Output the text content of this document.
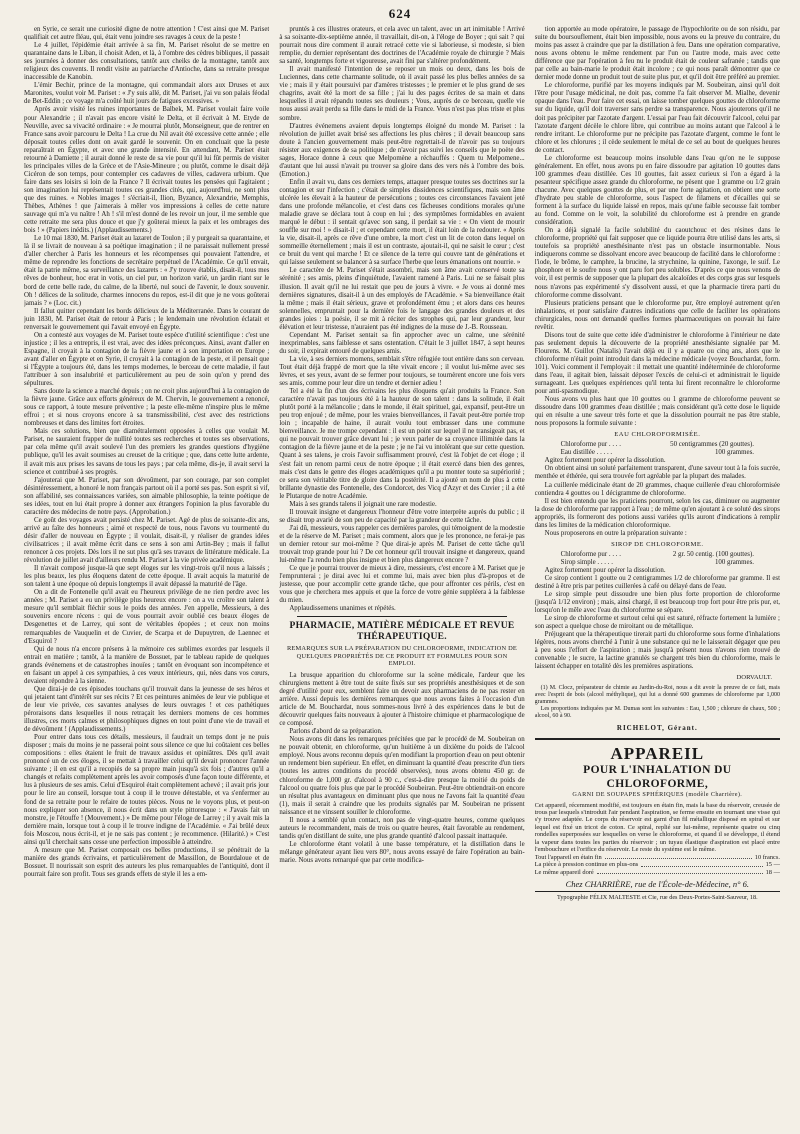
624

en Syrie, ce serait une curiosité digne de notre attention ! C'est ainsi que M. Pariset qualifiait cet autre fléau, qui, était venu joindre ses ravages à ceux de la peste !

Le 4 juillet, l'épidémie était arrivée à sa fin, M. Pariset résolut de se mettre en quarantaine dans le Liban, il choisit Aden, et là, à l'ombre des cèdres bibliques, il passait ses journées à donner des consultations, tantôt aux cheiks de la montagne, tantôt aux religieux des couvents. Il rendit visite au patriarche d'Antioche, dans sa retraite presque inaccessible de Kanobin.

L'émir Bechir, prince de la montagne, qui commandait alors aux Druses et aux Maronites, voulut voir M. Pariset : « J'y suis allé, dit M. Pariset, j'ai vu son palais féodal de Bet-Eddin ; ce voyage m'a coûté huit jours de fatigues excessives. »

Après avoir visité les ruines importantes de Balbek, M. Pariset voulait faire voile pour Alexandrie ; il n'avait pas encore visité le Delta, et il écrivait à M. Etyde de Neuville, avec sa vivacité ordinaire : « Je mourrai plutôt, Monseigneur, que de rentrer en France sans avoir parcouru le Delta ! La crue du Nil avait été excessive cette année ; elle déposait toutes celles dont on avait gardé le souvenir. On en concluait que la peste reparaîtrait en Égypte, et avec une grande intensité. En attendant, M. Pariset était retourné à Damiette ; il aurait donné le reste de sa vie pour qu'il lui fût permis de visiter les principales villes de la Grèce et de l'Asie-Mineure ; ou plutôt, comme le disait déjà Cicéron de son temps, pour contempler ces cadavres de villes, cadavera urbium. Que faire dans ses loisirs si loin de la France ? Il écrivait toutes les pensées qui l'agitaient ; son imagination lui représentait toutes ces grandes cités, qui, aujourd'hui, ne sont plus que des ruines. « Nobles images ! s'écriait-il, Ilion, Byzance, Alexandrie, Memphis, Thèbes, Athènes ! que j'aimerais à mêler vos impressions à celles de cette nature sauvage qui m'a vu naître ! Ah ! s'il m'est donné de les revoir un jour, il me semble que cette retraite me sera plus douce et que j'y goûterai mieux la paix et les ombrages des bois ! » (Papiers inédits.) (Applaudissements.)

Le 10 mai 1830, M. Pariset était au lazaret de Toulon ; il y purgeait sa quarantaine, et là il se livrait de nouveau à sa poétique imagination ; il ne paraissait nullement pressé d'aller chercher à Paris les honneurs et les récompenses qui pouvaient l'attendre, et même de reprendre les fonctions de secrétaire perpétuel de l'Académie. Ce qu'il envait, était la patrie même, sa surveillance des lazarets : « J'y trouve établis, disait-il, tous mes rêves de bonheur, hoc erat in votis, un ciel pur, un horizon varié, un jardin riant sur le bord de cette belle rade, du calme, de la liberté, nul souci de l'avenir, le doux souvenir. Oh ! délices de la solitude, charmes innocens du repos, est-il dit que je ne vous goûterai jamais ? » (Loc. cit.)

Il fallut quitter cependant les bords délicieux de la Méditerranée. Dans le courant de juin 1830, M. Pariset était de retour à Paris ; le lendemain une révolution éclatait et renversait le gouvernement qui l'avait envoyé en Égypte.

On a contesté aux voyages de M. Pariset toute espèce d'utilité scientifique : c'est une injustice ; il les a entrepris, il est vrai, avec des idées préconçues. Ainsi, avant d'aller en Espagne, il croyait à la contagion de la fièvre jaune et à son importation en Europe ; avant d'aller en Égypte et en Syrie, il croyait à la contagion de la peste, et il pensait que si l'Égypte a toujours été, dans les temps modernes, le berceau de cette maladie, il faut l'attribuer à son insalubrité et particulièrement au peu de soin qu'on y prend des sépultures.

Sans doute la science a marché depuis ; on ne croit plus aujourd'hui à la contagion de la fièvre jaune. Grâce aux efforts généreux de M. Chervin, le gouvernement a renoncé, sous ce rapport, à toute mesure préventive ; la peste elle-même n'inspire plus le même effroi ; et si nous croyons encore à sa transmissibilité, c'est avec des restrictions nombreuses et dans des limites fort étroites.

Mais ces solutions, bien que diamétralement opposées à celles que voulait M. Pariset, ne sauraient frapper de nullité toutes ses recherches et toutes ses observations, par cela même qu'il avait soulevé l'un des premiers les grandes questions d'hygiène publique, qu'il les avait soumises au creuset de la critique ; que, dans cette lutte ardente, il avait mis aux prises les savans de tous les pays ; par cela même, dis-je, il avait servi la science et contribué à ses progrès.

J'ajouterai que M. Pariset, par son dévoûment, par son courage, par son complet désintéressement, a honoré le nom français partout où il a porté ses pas. Son esprit si vif, son affabilité, ses connaissances variées, son aimable philosophie, la teinte poétique de ses idées, tout en lui était propre à donner aux étrangers l'opinion la plus favorable du caractère des médecins de notre pays. (Approbation.)

Ce goût des voyages avait persisté chez M. Pariset. Agé de plus de soixante-dix ans, arrivé au faîte des honneurs ; aimé et respecté de tous, nous l'avons vu tourmenté du désir d'aller de nouveau en Égypte ; il voulait, disait-il, y réaliser de grandes idées civilisatrices ; il avait même écrit dans ce sens à son ami Artin-Bey ; mais il fallut renoncer à ces projets. Dès lors il ne sut plus qu'à ses travaux de littérature médicale. La révolution de juillet avait d'ailleurs rendu M. Pariset à la vie privée académique.

Il n'avait composé jusque-là que sept éloges sur les vingt-trois qu'il nous a laissés ; les plus beaux, les plus éloquens datent de cette époque. Il avait acquis la maturité de son talent à une époque où depuis longtemps il avait dépassé la maturité de l'âge.

On a dit de Fontenelle qu'il avait eu l'heureux privilège de ne rien perdre avec les années ; M. Pariset a eu un privilège plus heureux encore : on a vu croître son talent à mesure qu'il semblait fléchir sous le poids des années. J'en appelle, Messieurs, à des souvenirs encore récens : qui de vous pourrait avoir oublié ces beaux éloges de Desgenettes et de Larrey, qui sont de véritables épopées ; et ceux non moins remarquables de Vauquelin et de Cuvier, de Scarpa et de Dupuytren, de Laennec et d'Esquirol ?

Qui de nous n'a encore présens à la mémoire ces sublimes exordes par lesquels il entrait en matière ; tantôt, à la manière de Bossuet, par le tableau rapide de quelques grands événemens et de catastrophes inouïes ; tantôt en évoquant son incompétence et en faisant un appel à ces sympathies, à ces vœux intérieurs, qui, nées dans vos cœurs, devaient répondre à la sienne.

Que dirai-je de ces épisodes touchans qu'il trouvait dans la jeunesse de ses héros et qui jetaient tant d'intérêt sur ses récits ? Et ces peintures animées de leur vie publique et de leur vie privée, ces savantes analyses de leurs ouvrages ! et ces pathétiques péroraisons dans lesquelles il nous retraçait les derniers momens de ces hommes illustres, ces morts calmes et philosophiques dignes en tout point d'une vie de travail et de dévoûment ! (Applaudissements.)

Pour entrer dans tous ces détails, messieurs, il faudrait un temps dont je ne puis disposer ; mais du moins je ne passerai point sous silence ce que lui coûtaient ces belles compositions : elles étaient le fruit de travaux assidus et opiniâtres. Dès qu'il avait prononcé un de ces éloges, il se mettait à travailler celui qu'il devait prononcer l'année suivante ; il en est qu'il a recopiés de sa propre main jusqu'à six fois ; d'autres qu'il a changés et refaits complètement après les avoir composés d'une façon toute différente, et lus à plusieurs de ses amis. Celui d'Esquirol était complètement achevé ; il avait pris jour pour le lire au conseil, lorsque tout à coup il le trouve détestable, et va s'enfermer au fond de sa retraite pour le refaire de toutes pièces. Nous ne le voyons plus, et peut-on nous expliquer son absence, il nous écrit dans un style pittoresque : « J'avais fait un monstre, je l'étouffe ! (Mouvement.) » De même pour l'éloge de Larrey ; il y avait mis la dernière main, lorsque tout à coup il le trouve indigne de l'Académie. « J'ai brûlé deux fois Moscou, nous écrit-il, et je ne sais pas content ; je recommence. (Hilarité.) » C'est ainsi qu'il cherchait sans cesse une perfection impossible à atteindre.

A mesure que M. Pariset composait ces belles productions, il se pénétrait de la manière des grands écrivains, et particulièrement de Massillon, de Bourdaloue et de Bossuet. Il nourissait son esprit des auteurs les plus remarquables de l'antiquité, dont il pourrait faire son profit. Tous ses grands effets de style il les a em-

pruntés à ces illustres orateurs, et cela avec un talent, avec un art inimitable ! Arrivé à sa soixante-dix-septième année, il travaillait, dit-on, à l'éloge de Boyer ; qui sait ? qui pourrait nous dire comment il aurait retracé cette vie si laborieuse, si modeste, si bien remplie, du dernier représentant des doctrines de l'Académie royale de chirurgie ? Mais sa santé, longtemps forte et vigoureuse, avait fini par s'altérer profondément.

Il avait manifesté l'intention de se reposer un mois ou deux, dans les bois de Luciennes, dans cette charmante solitude, où il avait passé les plus belles années de sa vie ; mais il y était poursuivi par d'amères tristesses ; le premier et le plus grand de ses chagrins, avait été la mort de sa fille ; j'ai lu des pages écrites de sa main et dans lesquelles il avait répandu toutes ses douleurs ; Vous, auprès de ce berceau, quelle vie nous aussi avait perdu sa fille dans le midi de la France. Vous n'est pas plus triste et plus sombre.

D'autres événemens avaient depuis longtemps éloigné du monde M. Pariset : la révolution de juillet avait brisé ses affections les plus chères ; il devait beaucoup sans doute à l'ancien gouvernement mais peut-être regrettait-il de n'avoir pas su toujours résister aux exigences de sa politique ; de n'avoir pas suivi les conseils que le poète des sages, Horace donne à ceux que Melpomène a réchauffés : Quem tu Melpomene... d'autant que lui aussi n'avait pu trouver sa gloire dans des vers nés à l'ombre des bois. (Emotion.)

Enfin il avait vu, dans ces derniers temps, attaquer presque toutes ses doctrines sur la contagion et sur l'infection ; c'était de simples dissidences scientifiques, mais son âme ulcérée les élevait à la hauteur de persécutions ; toutes ces circonstances l'avaient jeté dans une profonde mélancolie, et c'est dans ces fâcheuses conditions morales qu'une maladie grave se déclara tout à coup en lui ; des symptômes formidables en avaient marqué le début : il sentait qu'avec son sang, il perdait sa vie : « On vient de mourir souffle sur moi ! » disait-il ; et cependant cette mort, il était loin de la redouter. « Après la vie, disait-il, après ce rêve d'une ombre, la mort c'est un lit de coton dans lequel on sommeille éternellement ; mais il est un contraste, ajoutait-il, qui ne saisit le cœur ; c'est ce bruit du vent qui marche ! Et ce silence de la terre qui couvre tant de générations et qui laisse seulement se balancer à sa surface l'herbe que leurs émanations ont nourrie. »

Le caractère de M. Pariset s'était assombri, mais son âme avait conservé toute sa sérénité ; ses amis, pleins d'inquiétude, l'avaient ramené à Paris. Lui ne se faisait plus illusion. Il avait qu'il ne lui restait que peu de jours à vivre. « Je vous ai donné mes dernières signatures, disait-il à un des employés de l'Académie. » Sa bienveillance était la même ; mais il était sérieux, grave et profondément ému ; et alors dans ces heures solennelles, empruntait pour la dernière fois le langage des grandes douleurs et des grandes joies : la poésie, il se mit à réciter des strophes qui, par leur grandeur, leur élévation et leur tristesse, n'auraient pas été indignes de la muse de J.-B. Rousseau.

Cependant M. Pariset sentait sa fin approcher avec un calme, une sérénité inexprimables, sans faiblesse et sans ostentation. C'était le 3 juillet 1847, à sept heures du soir, il expirait entouré de quelques amis.

La vie, à ses derniers momens, semblait s'être réfugiée tout entière dans son cerveau. Tout était déjà frappé de mort que la tête vivait encore ; il voulut lui-même avec ses lèvres, et ses yeux, avant de se fermer pour toujours, se tournèrent encore une fois vers ses amis, comme pour leur dire un tendre et dernier adieu !

Tel a été la fin d'un des écrivains les plus éloquens qu'ait produits la France. Son caractère n'avait pas toujours été à la hauteur de son talent : dans la solitude, il était plutôt porté à la mélancolie ; dans le monde, il était spirituel, gai, expansif, peut-être un peu trop enjoué ; de même, pour les vraies bienveillances, il l'avait peut-être portée trop loin ; incapable de haine, il aurait voulu tout embrasser dans une commune bienveillance. Je me trompe cependant : il est un point sur lequel il ne transigeait pas, et qui ne pouvait trouver grâce devant lui ; je veux parler de sa croyance illimitée dans la contagion de la fièvre jaune et de la peste ; je ne l'ai vu intolérant que sur cette question. Quant à ses talens, je crois l'avoir suffisamment prouvé, c'est là l'objet de cet éloge ; il s'est fait un renom parmi ceux de notre époque ; il était exercé dans bien des genres, mais c'est dans le genre des éloges académiques qu'il a pu monter toute sa supériorité ; ce sera son véritable titre de gloire dans la postérité. Il a ajouté un nom de plus à cette brillante dynastie des Fontenelle, des Condorcet, des Vicq d'Azyr et des Cuvier ; il a été le Plutarque de notre Académie.

Mais à ses grands talens il joignait une rare modestie.

Il trouvait insigne et dangereux l'honneur d'être votre interprète auprès du public ; il se disait trop avarié de son peu de capacité par la grandeur de cette tâche.

J'ai dû, messieurs, vous rappeler ces dernières paroles, qui témoignent de la modestie et de la réserve de M. Pariset ; mais comment, alors que je les prononce, ne ferai-je pas un dernier retour sur moi-même ? Que dirai-je après M. Pariset de cette tâche qu'il trouvait trop grande pour lui ? De cet honneur qu'il trouvait insigne et dangereux, quand lui-même l'a rendu bien plus insigne et bien plus dangereux encore ?

Ce que je pourrai trouver de mieux à dire, messieurs, c'est encore à M. Pariset que je l'emprunterai ; je dirai avec lui et comme lui, mais avec bien plus d'à-propos et de justesse, que pour accomplir cette grande tâche, que pour affronter ces périls, c'est en vous que je cherchera mes appuis et que la force de votre génie suppléera à la faiblesse du mien.

Applaudissemens unanimes et répétés.

PHARMACIE, MATIÈRE MÉDICALE ET REVUE THÉRAPEUTIQUE.
REMARQUES SUR LA PRÉPARATION DU CHLOROFORME, INDICATION DE QUELQUES PROPRIÉTÉS DE CE PRODUIT ET FORMULES POUR SON EMPLOI.

La brusque apparition du chloroforme sur la scène médicale, l'ardeur que les chirurgiens mettent à être tout de suite fixés sur ses propriétés anesthésiques et de son degré d'utilité pour eux, semblent faire un devoir aux pharmaciens de ne pas rester en arrière. Aussi depuis les dernières remarques que nous avons faites à l'occasion d'un article de M. Bouchardat, nous sommes-nous livré à des expériences dans le but de découvrir quelques faits nouveaux à ajouter à l'histoire chimique et pharmacologique de ce composé.

Parlons d'abord de sa préparation.

Nous avons dit dans les remarques précitées que par le procédé de M. Soubeiran on ne pouvait obtenir, en chloroforme, qu'un huitième à un dixième du poids de l'alcool employé. Nous avons reconnu depuis qu'en modifiant la proportion d'eau on peut obtenir un rendement bien supérieur. En effet, en diminuant la quantité d'eau prescrite d'un tiers (toutes les autres conditions du procédé observées), nous avons obtenu 450 gr. de chloroforme de 1,000 gr. d'alcool à 90 c., c'est-à-dire presque la moitié du poids de l'alcool ou quatre fois plus que par le procédé Soubeiran. Peut-être obtiendrait-on encore un résultat plus avantageux en diminuant plus que nous ne l'avons fait la quantité d'eau (1), mais il serait à craindre que les produits signalés par M. Soubeiran ne prissent naissance et ne vinssent souiller le chloroforme.

Il nous a semblé qu'un contact, non pas de vingt-quatre heures, comme quelques auteurs le recommandent, mais de trois ou quatre heures, était favorable au rendement, tandis qu'en distillant de suite, une plus grande quantité d'alcool passait inattaquée.

Le chloroforme étant volatil à une basse température, et la distillation dans le mélange générateur ayant lieu vers 80°, nous avons essayé de faire l'opération au bain-marie. Nous avons remarqué que par cette modifica-

tion apportée au mode opératoire, le passage de l'hypochlorite ou de son résidu, par suite du boursouflement, était bien impossible, nous avons eu la preuve du contraire, du moins pas assez à craindre que par la distillation à feu. Dans une opération comparative, nous avons obtenu le même rendement par l'un ou l'autre mode, mais avec cette différence que par l'opération à feu nu le produit était de couleur safranée ; tandis que par celle au bain-marie le produit était incolore ; ce qui nous paraît démontrer que ce dernier mode donne un produit tout de suite plus pur, et qu'il doit être préféré au premier.

Le chloroforme, purifié par les moyens indiqués par M. Soubeiran, ainsi qu'il doit l'être pour l'usage médicinal, ne doit pas, comme l'a fait observer M. Mialhe, devenir opaque dans l'eau. Pour faire cet essai, on laisse tomber quelques gouttes de chloroforme sur du liquide, qu'il doit traverser sans perdre sa transparence. Nous ajouterons qu'il ne doit pas précipiter par l'azotate d'argent. L'essai par l'eau fait découvrir l'alcool, celui par l'azotate d'argent décèle le chlore libre, qui contribue au moins autant que l'alcool à le rendre irritant. Le chloroforme pur ne précipite pas l'azotate d'argent, comme le font le chlore et les chlorures ; il cède seulement le métal de ce sel au bout de quelques heures de contact.

Le chloroforme est beaucoup moins insoluble dans l'eau qu'on ne le suppose généralement. En effet, nous avons pu en faire dissoudre par agitation 10 gouttes dans 100 grammes d'eau distillée. Ces 10 gouttes, fait assez curieux si l'on a égard à la pesanteur spécifique assez grande du chloroforme, ne pèsent que 1 gramme ou 1/2 grain chacune. Avec quelques gouttes de plus, et par une forte agitation, on obtient une sorte d'hydrate peu stable de chloroforme, sous l'aspect de filamens et d'écailles qui se forment à la surface du liquide laissé en repos, mais qu'une faible secousse fait tomber au fond. Comme on le voit, la solubilité du chloroforme est à prendre en grande considération.

On a déjà signalé la facile solubilité du caoutchouc et des résines dans le chloroforme, propriété qui fait supposer que ce liquide pourra être utilisé dans les arts, si toutefois sa propriété anesthésinante n'est pas un obstacle insurmontable. Nous indiquerons comme se dissolvant encore avec beaucoup de facilité dans le chloroforme : l'iode, le brôme, le camphre, la brucine, la strychnine, la quinine, l'axonge, le suif. Le phosphore et le soufre nous y ont paru fort peu solubles. D'après ce que nous venons de voir, il est permis de supposer que la plupart des alcaloïdes et des corps gras sur lesquels nous n'avons pas expérimenté s'y dissolvent aussi, et que la pharmacie tirera parti du chloroforme comme dissolvant.

Plusieurs praticiens pensant que le chloroforme pur, être employé autrement qu'en inhalations, et pour satisfaire d'autres indications que celle de faciliter les opérations chirurgicales, nous ont demandé quelles formes pharmaceutiques on pouvait lui faire revêtir.

Disons tout de suite que cette idée d'administrer le chloroforme à l'intérieur ne date pas seulement depuis la découverte de la propriété anesthésiante signalée par M. Flourens. M. Guillot (Natalis) l'avait déjà eu il y a quatre ou cinq ans, alors que le chloroforme n'était point introduit dans la médecine médicale (voyez Bouchardat, form. 101). Voici comment il l'employait : il mettait une quantité indéterminée de chloroforme dans l'eau, il agitait bien, laissait déposer l'excès de celui-ci et administrait le liquide surnageant. Les quelques expériences qu'il tenta lui firent reconnaître le chloroforme pour anti-spasmodique.

Nous avons vu plus haut que 10 gouttes ou 1 gramme de chloroforme peuvent se dissoudre dans 100 grammes d'eau distillée ; mais considérant qu'à cette dose le liquide qui en résulte a une saveur très forte et que la dissolution pourrait ne pas être stable, nous proposons la formule suivante :

EAU CHLOROFORMISÉE.
Chloroforme pur . . . .	50 centigrammes (20 gouttes).
Eau distillée . . . . .	100 grammes.

Agitez fortement pour opérer la dissolution.

On obtient ainsi un soluté parfaitement transparent, d'une saveur tout à la fois sucrée, menthée et éthérée, qui sera trouvée fort agréable par la plupart des malades.

La cuillerée médicinale étant de 20 grammes, chaque cuillerée d'eau chloroformisée contiendra 4 gouttes ou 1 décigramme de chloroforme.

Il est bien entendu que les praticiens pourront, selon les cas, diminuer ou augmenter la dose de chloroforme par rapport à l'eau ; de même qu'en ajoutant à ce soluté des sirops appropriés, ils formeront des potions aussi variées qu'ils auront d'indications à remplir dans les limites de la médication chloroformique.

Nous proposerons en outre la préparation suivante :

SIROP DE CHLOROFORME.
Chloroforme pur . . . .	2 gr. 50 centig. (100 gouttes).
Sirop simple . . . . .	100 grammes.

Agitez fortement pour opérer la dissolution.

Ce sirop contient 1 goutte ou 2 centigrammes 1/2 de chloroforme par gramme. Il est destiné à être pris par petites cuillerées à café ou délayé dans de l'eau.

Le sirop simple peut dissoudre une bien plus forte proportion de chloroforme (jusqu'à 1/12 environ) ; mais, ainsi chargé, il est beaucoup trop fort pour être pris pur, et, lorsqu'on le mêle avec l'eau du chloroforme se sépare.

Le sirop de chloroforme et surtout celui qui est saturé, réfracte fortement la lumière ; son aspect a quelque chose de miroitant ou de métallique.

Préjugeant que la thérapeutique tirerait parti du chloroforme sous forme d'inhalations légères, nous avons cherché à l'unir à une substance qui ne le laisserait dégager que peu à peu sous l'effort de l'aspiration ; mais jusqu'à présent nous n'avons rien trouvé de convenable ; le sucre, la lactine granulés se chargent très bien du chloroforme, mais le laissent échapper en totalité dès les premières aspirations.

DORVAULT.

(1) M. Clocz, préparateur de chimie au Jardin-du-Roi, nous a dit avoir la preuve de ce fait, mais avec l'esprit de bois (alcool méthylique), qui lui a donné 600 grammes de chloroforme par 1,000 grammes.

Les proportions indiquées par M. Dumas sont les suivantes : Eau, 1,500 ; chlorure de chaux, 500 ; alcool, 60 à 90.

RICHELOT, Gérant.
APPAREIL
POUR L'INHALATION DU CHLOROFORME,
GARNI DE SOUPAPES SPHÉRIQUES (modèle Charrière).
Cet appareil, récemment modifié, est toujours en étain fin, mais la base du réservoir, creusée de trous par lesquels s'introduit l'air pendant l'aspiration, se ferme ensuite en tournant une visse qui s'y trouve adaptée. Le corps du réservoir est garni d'un fil métallique disposé en spiral et sur lequel est fixé un tricot de coton. Ce spiral, replié sur lui-même, représente quatre ou cinq rondelles superposées sur lesquelles on verse le chloroforme, et quand il se développe, il étend la vapeur dans toutes les parties du réservoir ; un tuyau élastique d'aspiration est placé entre l'embouchure et l'orifice du réservoir. Le reste du système est le même.
Tout l'appareil en étain fin	10 francs.
La pièce à pression continue en plus-ons	15 —
Le même appareil doré	18 —
Chez CHARRIÈRE, rue de l'École-de-Médecine, n° 6.
Typographie FÉLIX MALTESTE et Cie, rue des Deux-Portes-Saint-Sauveur, 18.
